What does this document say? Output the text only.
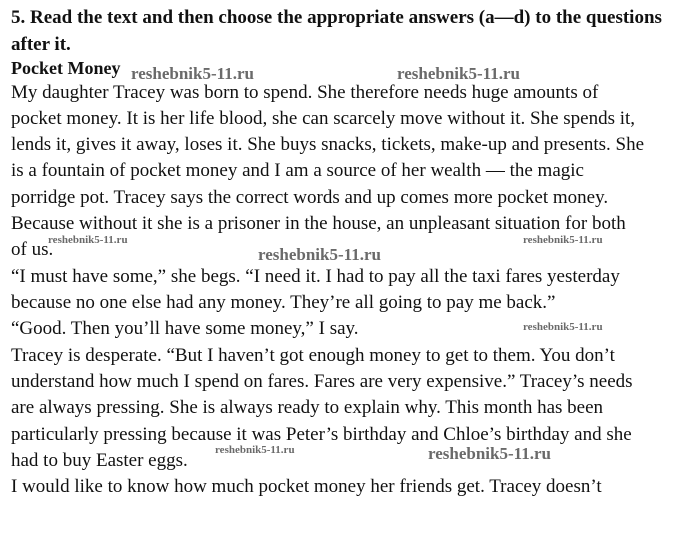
5. Read the text and then choose the appropriate answers (a—d) to the questions after it.

Pocket Money

My daughter Tracey was born to spend. She therefore needs huge amounts of

pocket money. It is her life blood, she can scarcely move without it. She spends it,

lends it, gives it away, loses it. She buys snacks, tickets, make-up and presents. She

is a fountain of pocket money and I am a source of her wealth — the magic

porridge pot. Tracey says the correct words and up comes more pocket money.

Because without it she is a prisoner in the house, an unpleasant situation for both

of us.

“I must have some,” she begs. “I need it. I had to pay all the taxi fares yesterday

because no one else had any money. They’re all going to pay me back.”

“Good. Then you’ll have some money,” I say.

Tracey is desperate. “But I haven’t got enough money to get to them. You don’t

understand how much I spend on fares. Fares are very expensive.” Tracey’s needs

are always pressing. She is always ready to explain why. This month has been

particularly pressing because it was Peter’s birthday and Chloe’s birthday and she

had to buy Easter eggs.

I would like to know how much pocket money her friends get. Tracey doesn’t

reshebnik5-11.ru	reshebnik5-11.ru

reshebnik5-11.ru

reshebnik5-11.ru

reshebnik5-11.ru

reshebnik5-11.ru

reshebnik5-11.ru	reshebnik5-11.ru
